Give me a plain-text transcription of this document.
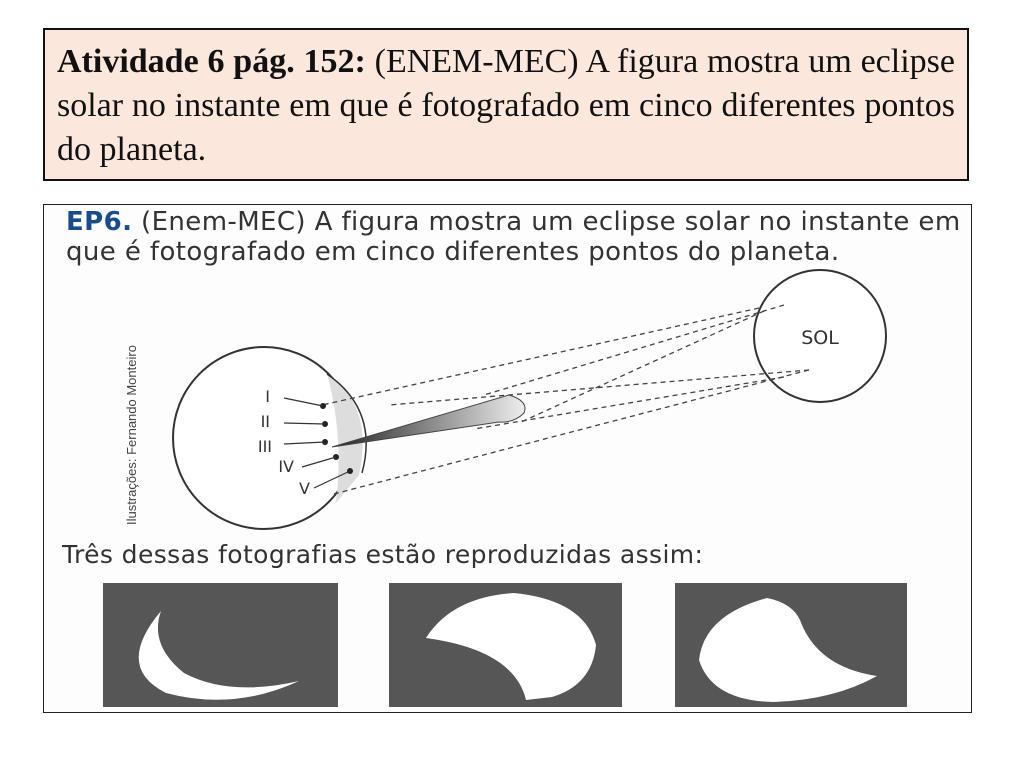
Atividade 6 pág. 152: (ENEM-MEC) A figura mostra um eclipse solar no instante em que é fotografado em cinco diferentes pontos do planeta.
EP6. (Enem-MEC) A figura mostra um eclipse solar no instante em que é fotografado em cinco diferentes pontos do planeta.
Ilustrações: Fernando Monteiro
SOL
I
II
III
IV
V
Três dessas fotografias estão reproduzidas assim:
